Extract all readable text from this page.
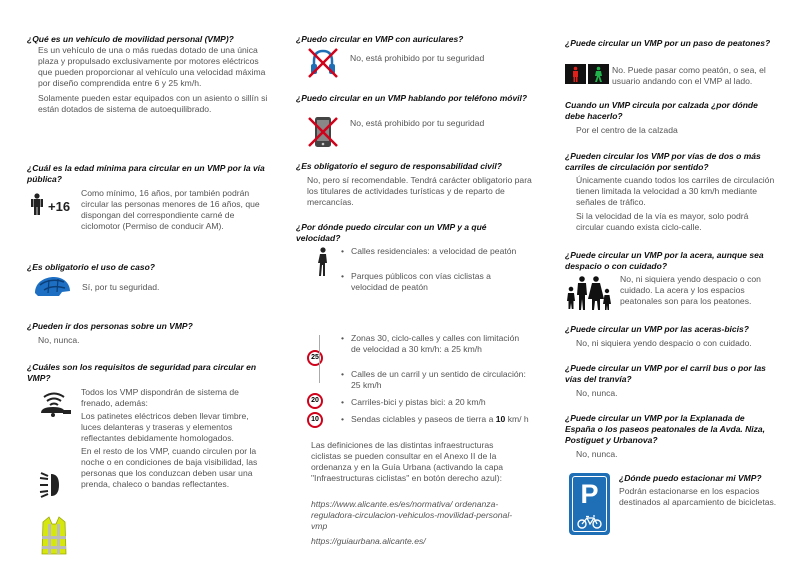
¿Qué es un vehículo de movilidad personal (VMP)?
Es un vehículo de una o más ruedas dotado de una única plaza y propulsado exclusivamente por motores eléctricos que pueden proporcionar al vehículo una velocidad máxima por diseño comprendida entre 6 y 25 km/h.
Solamente pueden estar equipados con un asiento o sillín si están dotados de sistema de autoequilibrado.
¿Cuál es la edad mínima para circular en un VMP por la vía pública?
+16
Como mínimo, 16 años, por también podrán circular las personas menores de 16 años, que dispongan del correspondiente carné de ciclomotor (Permiso de conducir AM).
¿Es obligatorio el uso de caso?
Sí, por tu seguridad.
¿Pueden ir dos personas sobre un VMP?
No, nunca.
¿Cuáles son los requisitos de seguridad para circular en VMP?
Todos los VMP dispondrán de sistema de frenado, además:
Los patinetes eléctricos deben llevar timbre, luces delanteras y traseras y elementos reflectantes debidamente homologados.
En el resto de los VMP, cuando circulen por la noche o en condiciones de baja visibilidad, las personas que los conduzcan deben usar una prenda, chaleco o bandas reflectantes.
¿Puedo circular en VMP con auriculares?
No, está prohibido por tu seguridad
¿Puedo circular en un VMP hablando por teléfono móvil?
No, está prohibido por tu seguridad
¿Es obligatorio el seguro de responsabilidad civil?
No, pero sí recomendable. Tendrá carácter obligatorio para los titulares de actividades turísticas y de reparto de mercancías.
¿Por dónde puedo circular con un VMP y a qué velocidad?
25
20
10
• Calles residenciales: a velocidad de peatón
• Parques públicos con vías ciclistas a velocidad de peatón
• Zonas 30, ciclo-calles y calles con limitación de velocidad a 30 km/h: a 25 km/h
• Calles de un carril y un sentido de circulación: 25 km/h
• Carriles-bici y pistas bici: a 20 km/h
• Sendas ciclables y paseos de tierra a 10 km/ h
Las definiciones de las distintas infraestructuras ciclistas se pueden consultar en el Anexo II de la ordenanza y en la Guía Urbana (activando la capa "Infraestructuras ciclistas" en botón derecho azul):
https://www.alicante.es/es/normativa/ ordenanza-reguladora-circulacion-vehiculos-movilidad-personal-vmp
https://guiaurbana.alicante.es/
¿Puede circular un VMP por un paso de peatones?
No. Puede pasar como peatón, o sea, el usuario andando con el VMP al lado.
Cuando un VMP circula por calzada ¿por dónde debe hacerlo?
Por el centro de la calzada
¿Pueden circular los VMP por vías de dos o más carriles de circulación por sentido?
Únicamente cuando todos los carriles de circulación tienen limitada la velocidad a 30 km/h mediante señales de tráfico.
Si la velocidad de la vía es mayor, solo podrá circular cuando exista ciclo-calle.
¿Puede circular un VMP por la acera, aunque sea despacio o con cuidado?
No, ni siquiera yendo despacio o con cuidado. La acera y los espacios peatonales son para los peatones.
¿Puede circular un VMP por las aceras-bicis?
No, ni siquiera yendo despacio o con cuidado.
¿Puede circular un VMP por el carril bus o por las vías del tranvía?
No, nunca.
¿Puede circular un VMP por la Explanada de España o los paseos peatonales de la Avda. Niza, Postiguet y Urbanova?
No, nunca.
P
¿Dónde puedo estacionar mi VMP?
Podrán estacionarse en los espacios destinados al aparcamiento de bicicletas.
